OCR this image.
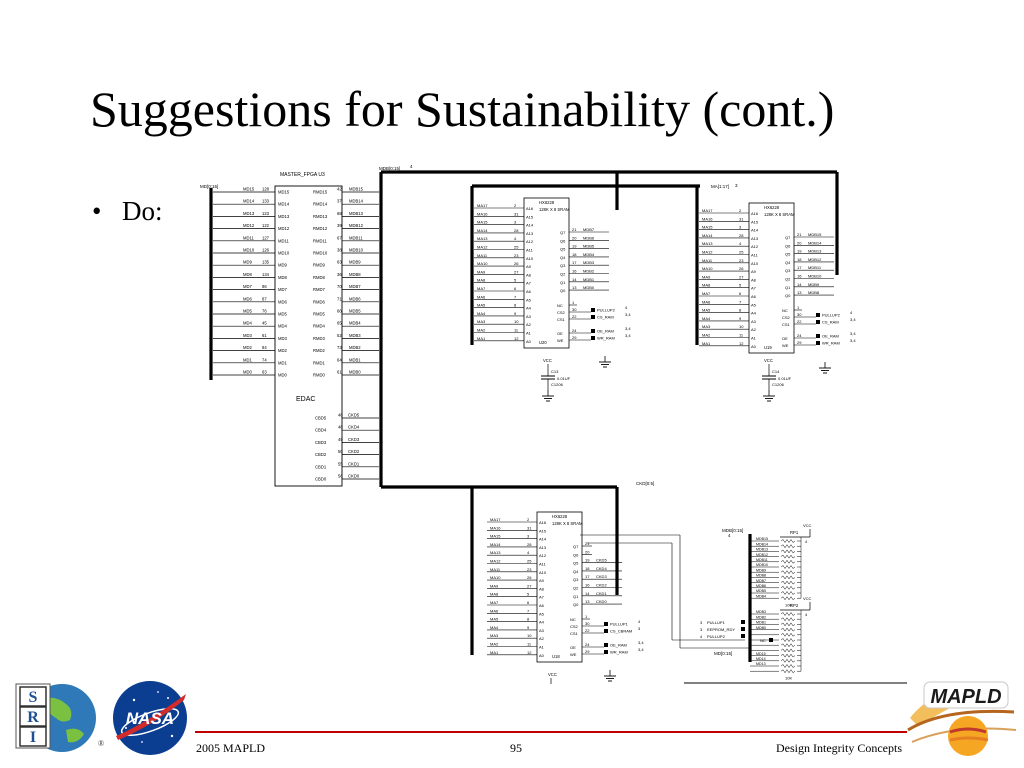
Suggestions for Sustainability (cont.)
• Do:
MDB[0:15] 4
MA[1:17] 3
CKD[0:5]
MD[0:15]
MDB[0:15]
4
MD[0:15]
MASTER_FPGA U3
MD15 128
MD15
MD14 133
MD14
MD13 123
MD13
MD12 122
MD12
MD11 127
MD11
MD10 126
MD10
MD9 135
MD9
MD8 134
MD8
MD7 86
MD7
MD6 87
MD6
MD5 76
MD5
MD4 45
MD4
MD3 61
MD3
MD2 84
MD2
MD1 74
MD1
MD0 63
MD0
RMD15
42 MDB15
RMD14
37 MDB14
RMD13
68 MDB13
RMD12
39 MDB12
RMD11
67 MDB11
RMD10
38 MDB10
RMD9
63 MDB9
RMD8
36 MDB8
RMD7
70 MDB7
RMD6
71 MDB6
RMD5
66 MDB5
RMD4
65 MDB4
RMD3
52 MDB3
RMD2
73 MDB2
RMD1
64 MDB1
RMD0
61 MDB0
EDAC
CBD5
48 CKD5
CBD4
48 CKD4
CBD3
49 CKD3
CBD2
50 CKD2
CBD1
55 CKD1
CBD0
56 CKD0
HX6228
128K X 8 SRAM
MA17	2
A16
MA16	31
A15
MA15	3
A14
MA14	28
A13
MA13	4
A12
MA12	25
A11
MA11	23
A10
MA10	26
A9
MA9	27
A8
MA8	5
A7
MA7	6
A6
MA6	7
A5
MA5	8
A4
MA4	9
A3
MA3	10
A2
MA2	11
A1
MA1	12
A0
Q7
21 MDB7
Q6
20 MDB6
Q5
19 MDB5
Q4
18 MDB4
Q3
17 MDB3
Q2
16 MDB2
Q1
14 MDB1
Q0
13 MDB0
NC
1
CS2
30
CS1
22
OE
24
WE
29
PULLUP2	4
CS_RAM	3,4
OE_RAM	3,4
WR_RAM	3,4
U20
HX6228
128K X 8 SRAM
MA17	2
A16
MA16	31
A15
MA15	3
A14
MA14	28
A13
MA13	4
A12
MA12	25
A11
MA11	23
A10
MA10	26
A9
MA9	27
A8
MA8	5
A7
MA7	6
A6
MA6	7
A5
MA5	8
A4
MA4	9
A3
MA3	10
A2
MA2	11
A1
MA1	12
A0
Q7
21 MDB15
Q6
20 MDB14
Q5
19 MDB13
Q4
18 MDB12
Q3
17 MDB11
Q2
16 MDB10
Q1
14 MDB9
Q0
13 MDB8
NC
1
CS2
30
CS1
22
OE
24
WE
29
PULLUP2	4
CS_RAM	3,4
OE_RAM	3,4
WR_RAM	3,4
U19
HX6228
128K X 8 SRAM
MA17	2
A16
MA16	31
A15
MA15	3
A14
MA14	28
A13
MA13	4
A12
MA12	25
A11
MA11	23
A10
MA10	26
A9
MA9	27
A8
MA8	5
A7
MA7	6
A6
MA6	7
A5
MA5	8
A4
MA4	9
A3
MA3	10
A2
MA2	11
A1
MA1	12
A0
Q7
21
Q6
20
Q5
19 CKD5
Q4
18 CKD4
Q3
17 CKD3
Q2
16 CKD2
Q1
14 CKD1
Q0
13 CKD0
NC
1
CS2
30
CS1
22
OE
24
WE
29
PULLUP1	4
CS_CBRAM 3
OE_RAM	3,4
WR_RAM	3,4
U18
VCC
C13
0.01UF
C1206
VCC
C14
0.01UF
C1206
VCC
RP1
VCC
MDB15
MDB14
MDB13
MDB12
MDB11
MDB10
MDB9
MDB8
MDB7
MDB6
MDB5
MDB4
4
10K
RP2
VCC
MDB3
MDB2
MDB1
MDB0
MD15
MD14
MD13
4
10K
3 PULLUP1
3 EEPROM_RDY
4 PULLUP2
NC
2005 MAPLD	95	Design Integrity Concepts
S
R
I	®
NASA
MAPLD
